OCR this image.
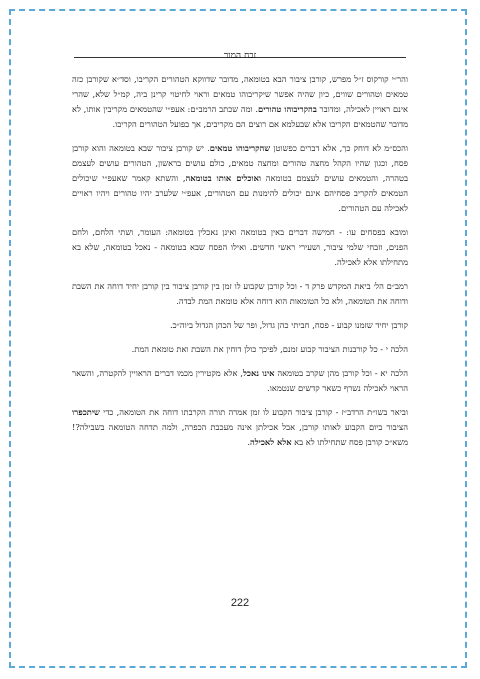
זבח המור

והר״י קורקוס ז״ל מפרש, קורבן ציבור הבא בטומאה, מדובר שדווקא הטהורים הקריבו, וסד״א שקורבן כזה טמאים וטהורים שווים, כיון שהיה אפשר שיקריבוהו טמאים וראוי לחיטוי קרינן ביה, קמ״ל שלא, שהרי אינם ראויין לאכילה, ומדובר בהקריבוהו טהורים. ומה שכתב הרמב״ם: אעפ״י שהטמאים מקריבין אותו, לא מדובר שהטמאים הקריבו אלא שבעלמא אם רוצים הם מקריבים, אך בפועל הטהורים הקריבו.

והכס״מ לא דוחק כך, אלא דברים כפשוטן שהקריבוהו טמאים. יש קורבן ציבור שבא בטומאה והוא קורבן פסח, וכגון שהיו הקהל מחצה טהורים ומחצה טמאים, כולם עושים בראשון, הטהורים עושים לעצמם בטהרה, והטמאים עושים לעצמם בטומאה ואוכלים אותו בטומאה, והשתא קאמר שאעפ״י שיכולים הטמאים להקריב פסחיהם אינם יכולים להימנות עם הטהורים, אעפ״י שלערב יהיו טהורים ויהיו ראויים לאכילה עם הטהורים.

ומובא בפסחים עו: - חמישה דברים באין בטומאה ואינן נאכלין בטומאה: העומר, ושתי הלחם, ולחם הפנים, וזבחי שלמי ציבור, ושעירי ראשי חדשים. ואילו הפסח שבא בטומאה - נאכל בטומאה, שלא בא מתחילתו אלא לאכילה.

רמב״ם הל׳ ביאת המקדש פרק ד - וכל קורבן שקבוע לו זמן בין קורבן ציבור בין קורבן יחיד דוחה את השבת ודוחה את הטומאה, ולא כל הטומאות הוא דוחה אלא טומאת המת לבדה.

קורבן יחיד שזמנו קבוע - פסח, חביתי כהן גדול, ופר של הכהן הגדול ביוה״כ.

הלכה י - כל קורבנות הציבור קבוע זמנם, לפיכך כולן דוחין את השבת ואת טומאת המת.

הלכה יא - וכל קורבן מהן שקרב בטומאה אינו נאכל, אלא מקטירין מכמו דברים הראויין להקטרה, והשאר הראוי לאכילה נשרף כשאר קדשים שנטמאו.

וביאר בשו״ת הרדב״ז - קורבן ציבור הקבוע לו זמן אמרה תורה הקרבתו דוחה את הטומאה, כדי שיתכפרו הציבור ביום הקבוע לאותו קורבן, אבל אכילתן אינה מעכבת הכפרה, ולמה תדחה הטומאה בשבילה?! משא״כ קורבן פסח שתחילתו לא בא אלא לאכילה.

222
